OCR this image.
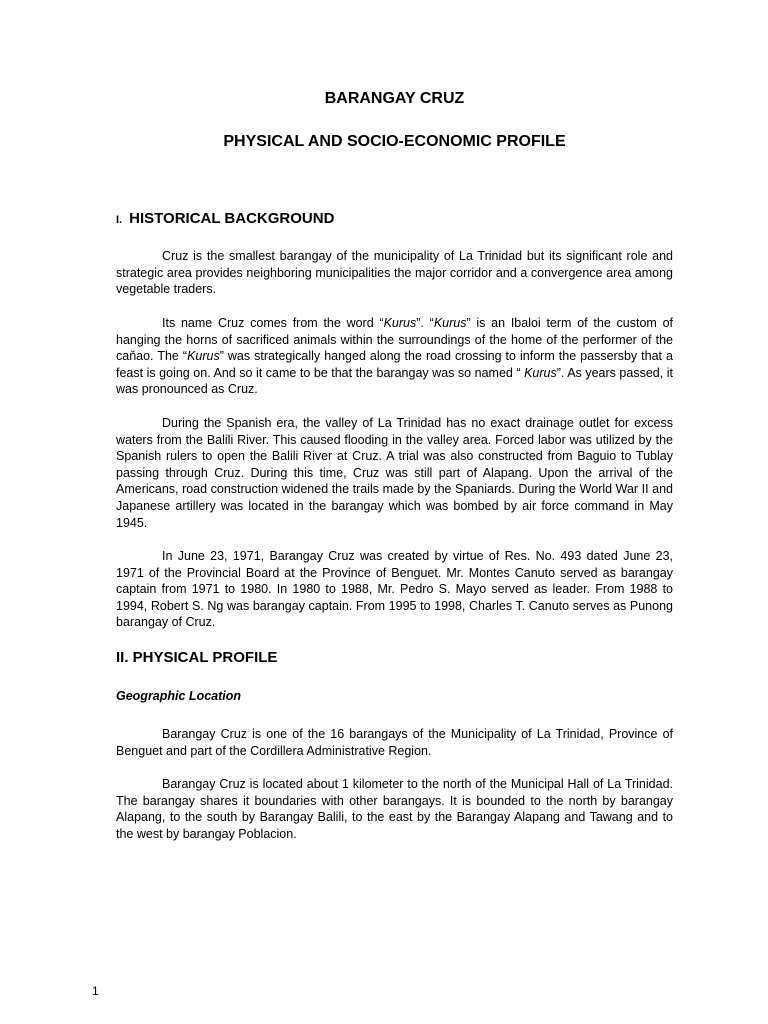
BARANGAY CRUZ
PHYSICAL AND SOCIO-ECONOMIC PROFILE
I. HISTORICAL BACKGROUND

Cruz is the smallest barangay of the municipality of La Trinidad but its significant role and strategic area provides neighboring municipalities the major corridor and a convergence area among vegetable traders.

Its name Cruz comes from the word “Kurus”. “Kurus” is an Ibaloi term of the custom of hanging the horns of sacrificed animals within the surroundings of the home of the performer of the caňao. The “Kurus” was strategically hanged along the road crossing to inform the passersby that a feast is going on. And so it came to be that the barangay was so named “ Kurus”. As years passed, it was pronounced as Cruz.

During the Spanish era, the valley of La Trinidad has no exact drainage outlet for excess waters from the Balili River. This caused flooding in the valley area. Forced labor was utilized by the Spanish rulers to open the Balili River at Cruz. A trial was also constructed from Baguio to Tublay passing through Cruz. During this time, Cruz was still part of Alapang. Upon the arrival of the Americans, road construction widened the trails made by the Spaniards. During the World War II and Japanese artillery was located in the barangay which was bombed by air force command in May 1945.

In June 23, 1971, Barangay Cruz was created by virtue of Res. No. 493 dated June 23, 1971 of the Provincial Board at the Province of Benguet. Mr. Montes Canuto served as barangay captain from 1971 to 1980. In 1980 to 1988, Mr. Pedro S. Mayo served as leader. From 1988 to 1994, Robert S. Ng was barangay captain. From 1995 to 1998, Charles T. Canuto serves as Punong barangay of Cruz.

II. PHYSICAL PROFILE
Geographic Location

Barangay Cruz is one of the 16 barangays of the Municipality of La Trinidad, Province of Benguet and part of the Cordillera Administrative Region.

Barangay Cruz is located about 1 kilometer to the north of the Municipal Hall of La Trinidad. The barangay shares it boundaries with other barangays. It is bounded to the north by barangay Alapang, to the south by Barangay Balili, to the east by the Barangay Alapang and Tawang and to the west by barangay Poblacion.

1
